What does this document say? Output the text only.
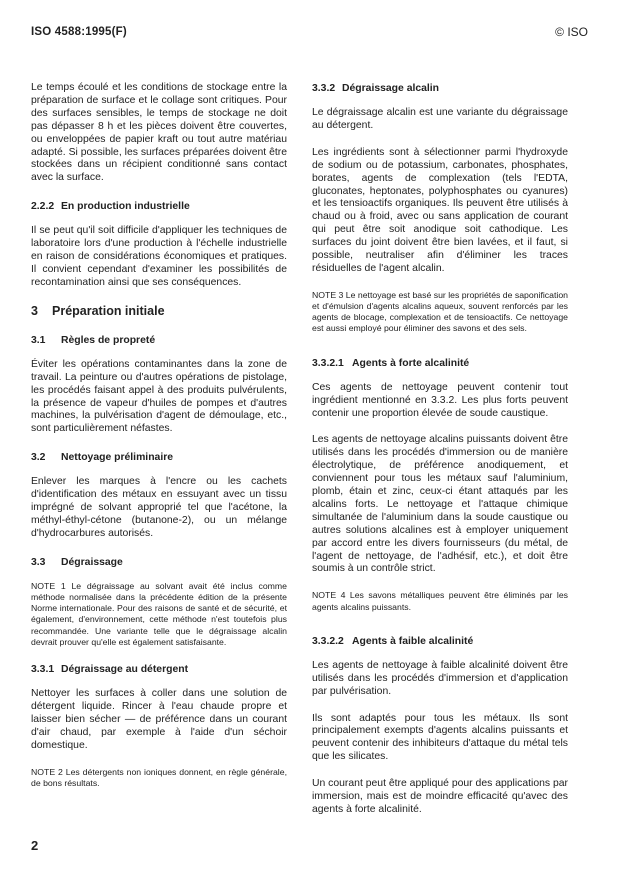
ISO 4588:1995(F)	© ISO

Le temps écoulé et les conditions de stockage entre la préparation de surface et le collage sont critiques. Pour des surfaces sensibles, le temps de stockage ne doit pas dépasser 8 h et les pièces doivent être couvertes, ou enveloppées de papier kraft ou tout autre matériau adapté. Si possible, les surfaces préparées doivent être stockées dans un récipient conditionné sans contact avec la surface.

2.2.2 En production industrielle

Il se peut qu'il soit difficile d'appliquer les techniques de laboratoire lors d'une production à l'échelle industrielle en raison de considérations économiques et pratiques. Il convient cependant d'examiner les possibilités de recontamination ainsi que ses conséquences.

3 Préparation initiale
3.1 Règles de propreté

Éviter les opérations contaminantes dans la zone de travail. La peinture ou d'autres opérations de pistolage, les procédés faisant appel à des produits pulvérulents, la présence de vapeur d'huiles de pompes et d'autres machines, la pulvérisation d'agent de démoulage, etc., sont particulièrement néfastes.

3.2 Nettoyage préliminaire

Enlever les marques à l'encre ou les cachets d'identification des métaux en essuyant avec un tissu imprégné de solvant approprié tel que l'acétone, la méthyl-éthyl-cétone (butanone-2), ou un mélange d'hydrocarbures autorisés.

3.3 Dégraissage

NOTE 1 Le dégraissage au solvant avait été inclus comme méthode normalisée dans la précédente édition de la présente Norme internationale. Pour des raisons de santé et de sécurité, et également, d'environnement, cette méthode n'est toutefois plus recommandée. Une variante telle que le dégraissage alcalin devrait prouver qu'elle est également satisfaisante.

3.3.1 Dégraissage au détergent

Nettoyer les surfaces à coller dans une solution de détergent liquide. Rincer à l'eau chaude propre et laisser bien sécher — de préférence dans un courant d'air chaud, par exemple à l'aide d'un séchoir domestique.

NOTE 2 Les détergents non ioniques donnent, en règle générale, de bons résultats.

3.3.2 Dégraissage alcalin

Le dégraissage alcalin est une variante du dégraissage au détergent.

Les ingrédients sont à sélectionner parmi l'hydroxyde de sodium ou de potassium, carbonates, phosphates, borates, agents de complexation (tels l'EDTA, gluconates, heptonates, polyphosphates ou cyanures) et les tensioactifs organiques. Ils peuvent être utilisés à chaud ou à froid, avec ou sans application de courant qui peut être soit anodique soit cathodique. Les surfaces du joint doivent être bien lavées, et il faut, si possible, neutraliser afin d'éliminer les traces résiduelles de l'agent alcalin.

NOTE 3 Le nettoyage est basé sur les propriétés de saponification et d'émulsion d'agents alcalins aqueux, souvent renforcés par les agents de blocage, complexation et de tensioactifs. Ce nettoyage est aussi employé pour éliminer des savons et des sels.

3.3.2.1 Agents à forte alcalinité

Ces agents de nettoyage peuvent contenir tout ingrédient mentionné en 3.3.2. Les plus forts peuvent contenir une proportion élevée de soude caustique.

Les agents de nettoyage alcalins puissants doivent être utilisés dans les procédés d'immersion ou de manière électrolytique, de préférence anodiquement, et conviennent pour tous les métaux sauf l'aluminium, plomb, étain et zinc, ceux-ci étant attaqués par les alcalins forts. Le nettoyage et l'attaque chimique simultanée de l'aluminium dans la soude caustique ou autres solutions alcalines est à employer uniquement par accord entre les divers fournisseurs (du métal, de l'agent de nettoyage, de l'adhésif, etc.), et doit être soumis à un contrôle strict.

NOTE 4 Les savons métalliques peuvent être éliminés par les agents alcalins puissants.

3.3.2.2 Agents à faible alcalinité

Les agents de nettoyage à faible alcalinité doivent être utilisés dans les procédés d'immersion et d'application par pulvérisation.

Ils sont adaptés pour tous les métaux. Ils sont principalement exempts d'agents alcalins puissants et peuvent contenir des inhibiteurs d'attaque du métal tels que les silicates.

Un courant peut être appliqué pour des applications par immersion, mais est de moindre efficacité qu'avec des agents à forte alcalinité.

2
